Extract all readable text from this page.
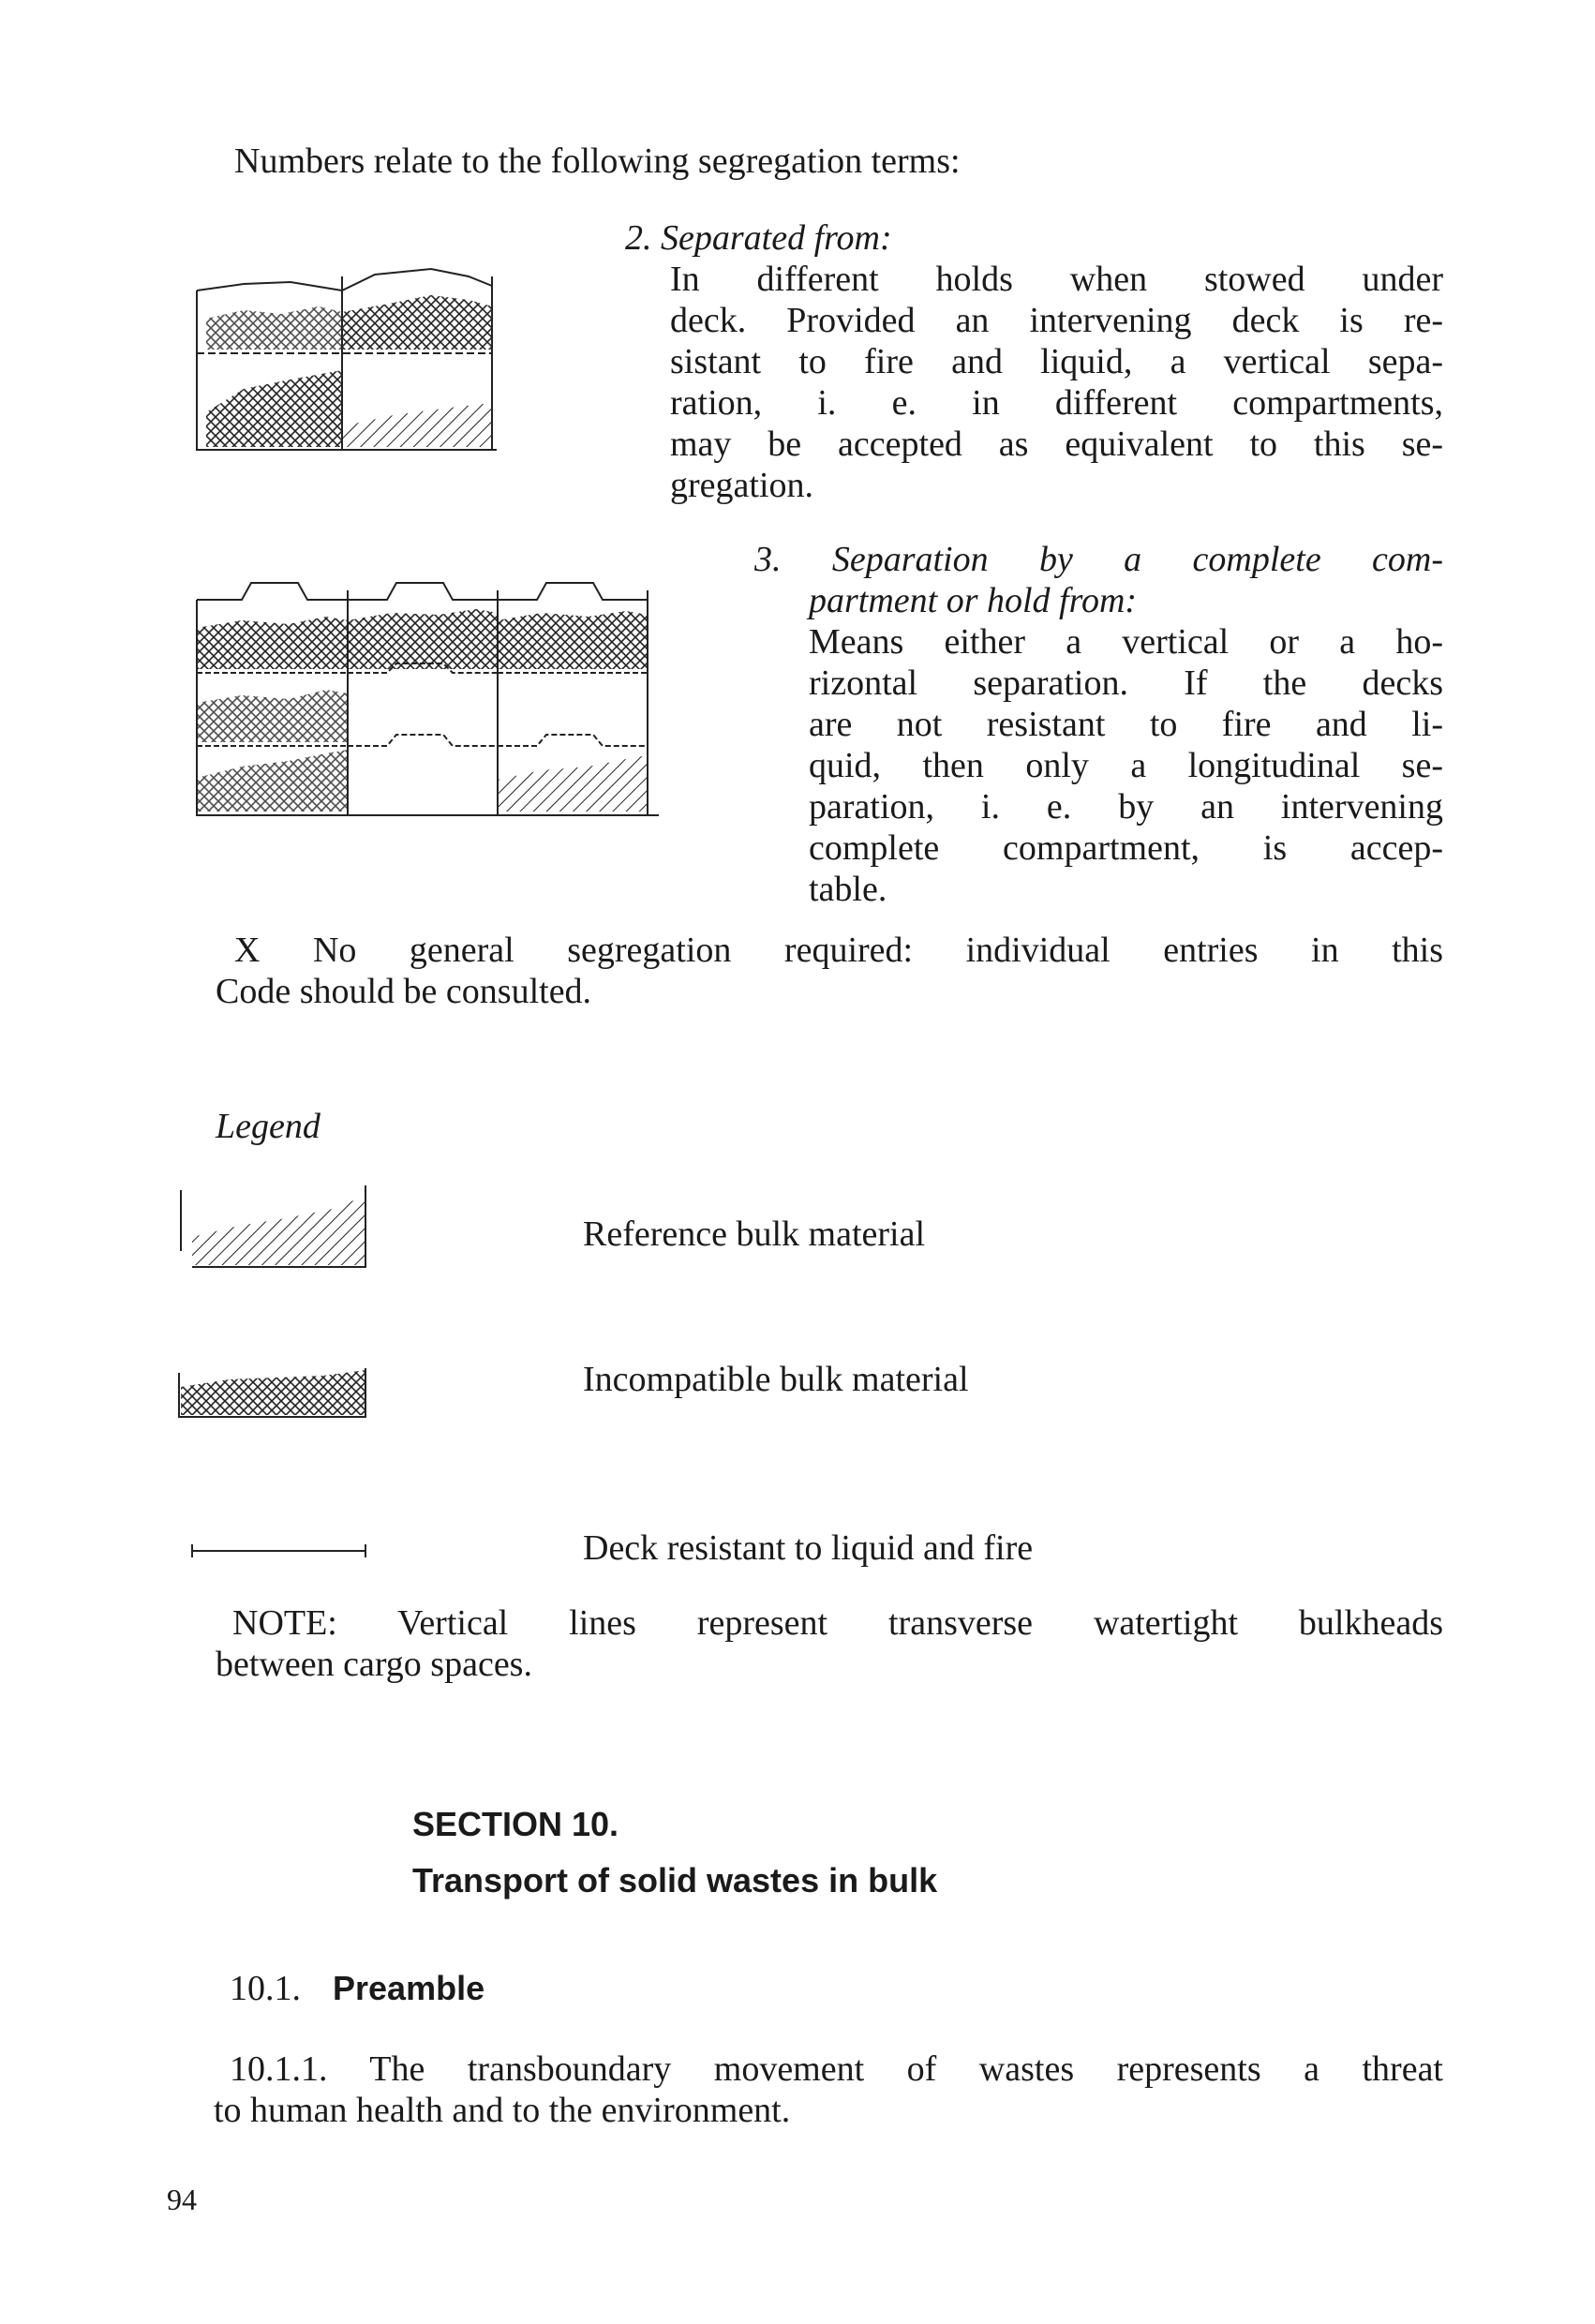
Numbers relate to the following segregation terms:
2. Separated from:
In different holds when stowed under
deck. Provided an intervening deck is re-
sistant to fire and liquid, a vertical sepa-
ration, i. e. in different compartments,
may be accepted as equivalent to this se-
gregation.
3. Separation by a complete com-
partment or hold from:
Means either a vertical or a ho-
rizontal separation. If the decks
are not resistant to fire and li-
quid, then only a longitudinal se-
paration, i. e. by an intervening
complete compartment, is accep-
table.
X No general segregation required: individual entries in this
Code should be consulted.
Legend
Reference bulk material
Incompatible bulk material
Deck resistant to liquid and fire
NOTE: Vertical lines represent transverse watertight bulkheads
between cargo spaces.
SECTION 10.
Transport of solid wastes in bulk
10.1. Preamble
10.1.1. The transboundary movement of wastes represents a threat
to human health and to the environment.
94
